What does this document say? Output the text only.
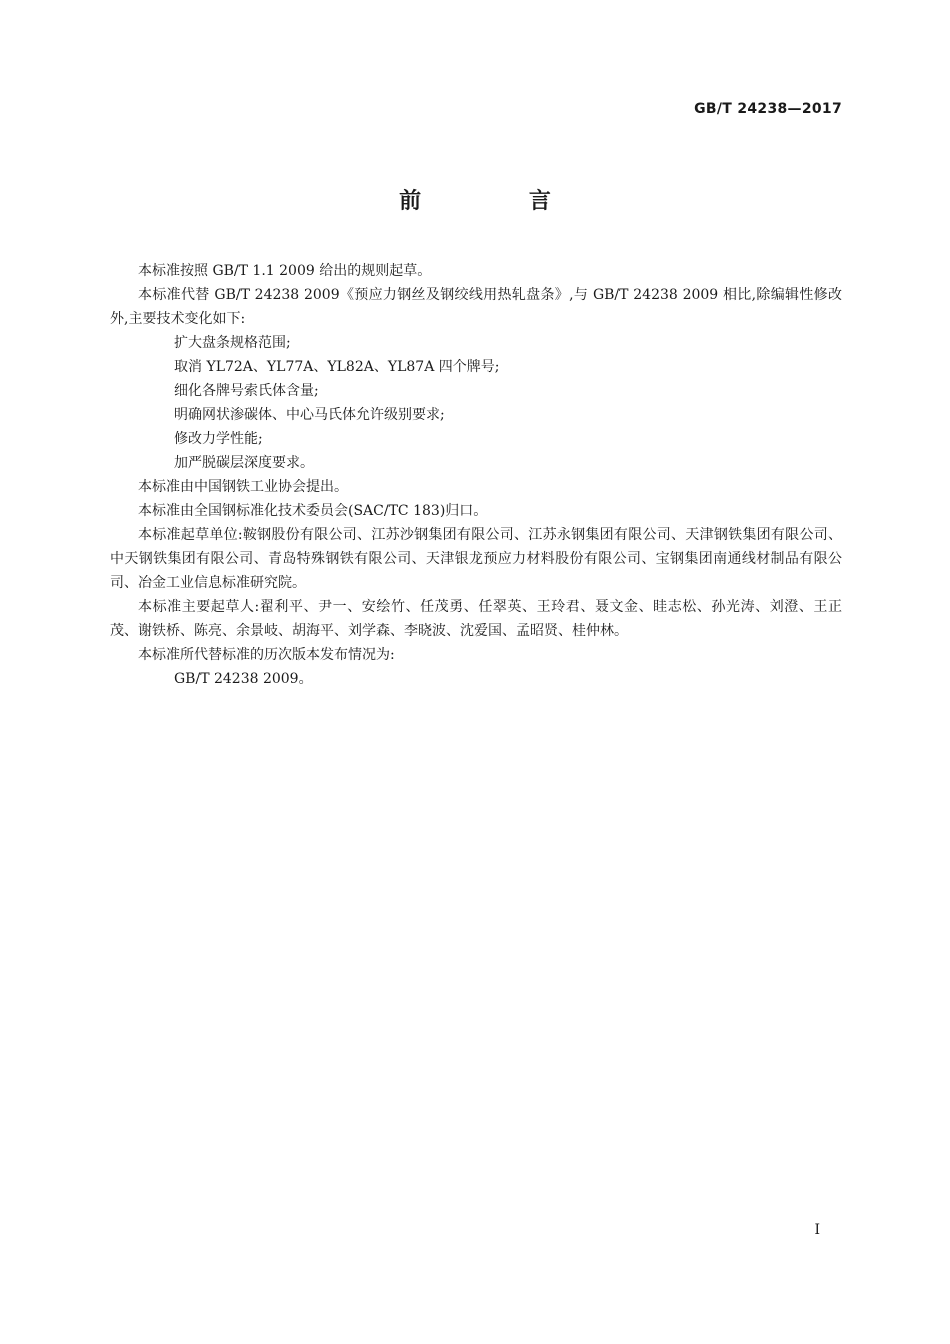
GB/T 24238—2017
前 言

本标准按照 GB/T 1.1 2009 给出的规则起草。

本标准代替 GB/T 24238 2009《预应力钢丝及钢绞线用热轧盘条》,与 GB/T 24238 2009 相比,除编辑性修改外,主要技术变化如下:

扩大盘条规格范围;

取消 YL72A、YL77A、YL82A、YL87A 四个牌号;

细化各牌号索氏体含量;

明确网状渗碳体、中心马氏体允许级别要求;

修改力学性能;

加严脱碳层深度要求。

本标准由中国钢铁工业协会提出。

本标准由全国钢标准化技术委员会(SAC/TC 183)归口。

本标准起草单位:鞍钢股份有限公司、江苏沙钢集团有限公司、江苏永钢集团有限公司、天津钢铁集团有限公司、中天钢铁集团有限公司、青岛特殊钢铁有限公司、天津银龙预应力材料股份有限公司、宝钢集团南通线材制品有限公司、冶金工业信息标准研究院。

本标准主要起草人:翟利平、尹一、安绘竹、任茂勇、任翠英、王玲君、聂文金、眭志松、孙光涛、刘澄、王正茂、谢铁桥、陈亮、余景岐、胡海平、刘学森、李晓波、沈爱国、孟昭贤、桂仲林。

本标准所代替标准的历次版本发布情况为:

GB/T 24238 2009。

I
